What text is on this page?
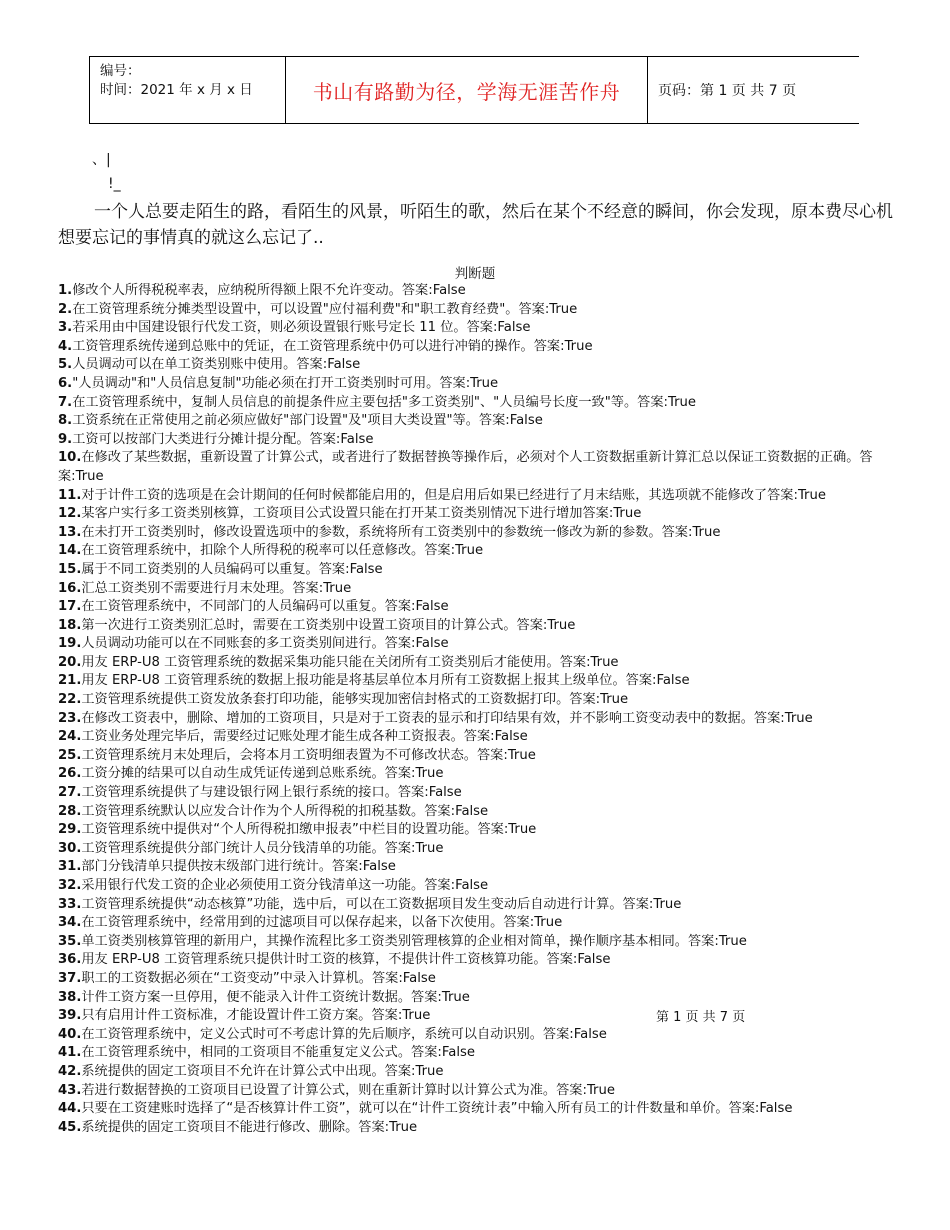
编号：
时间：2021 年 x 月 x 日	书山有路勤为径，学海无涯苦作舟	页码：第 1 页 共 7 页
、|
!_
一个人总要走陌生的路，看陌生的风景，听陌生的歌，然后在某个不经意的瞬间，你会发现，原本费尽心机想要忘记的事情真的就这么忘记了..
判断题
1.修改个人所得税税率表，应纳税所得额上限不允许变动。答案:False
2.在工资管理系统分摊类型设置中，可以设置"应付福利费"和"职工教育经费"。答案:True
3.若采用由中国建设银行代发工资，则必须设置银行账号定长 11 位。答案:False
4.工资管理系统传递到总账中的凭证，在工资管理系统中仍可以进行冲销的操作。答案:True
5.人员调动可以在单工资类别账中使用。答案:False
6."人员调动"和"人员信息复制"功能必须在打开工资类别时可用。答案:True
7.在工资管理系统中，复制人员信息的前提条件应主要包括"多工资类别"、"人员编号长度一致"等。答案:True
8.工资系统在正常使用之前必须应做好"部门设置"及"项目大类设置"等。答案:False
9.工资可以按部门大类进行分摊计提分配。答案:False
10.在修改了某些数据，重新设置了计算公式，或者进行了数据替换等操作后，必须对个人工资数据重新计算汇总以保证工资数据的正确。答案:True
11.对于计件工资的选项是在会计期间的任何时候都能启用的，但是启用后如果已经进行了月末结账，其选项就不能修改了答案:True
12.某客户实行多工资类别核算，工资项目公式设置只能在打开某工资类别情况下进行增加答案:True
13.在未打开工资类别时，修改设置选项中的参数，系统将所有工资类别中的参数统一修改为新的参数。答案:True
14.在工资管理系统中，扣除个人所得税的税率可以任意修改。答案:True
15.属于不同工资类别的人员编码可以重复。答案:False
16.汇总工资类别不需要进行月末处理。答案:True
17.在工资管理系统中，不同部门的人员编码可以重复。答案:False
18.第一次进行工资类别汇总时，需要在工资类别中设置工资项目的计算公式。答案:True
19.人员调动功能可以在不同账套的多工资类别间进行。答案:False
20.用友 ERP-U8 工资管理系统的数据采集功能只能在关闭所有工资类别后才能使用。答案:True
21.用友 ERP-U8 工资管理系统的数据上报功能是将基层单位本月所有工资数据上报其上级单位。答案:False
22.工资管理系统提供工资发放条套打印功能，能够实现加密信封格式的工资数据打印。答案:True
23.在修改工资表中，删除、增加的工资项目，只是对于工资表的显示和打印结果有效，并不影响工资变动表中的数据。答案:True
24.工资业务处理完毕后，需要经过记账处理才能生成各种工资报表。答案:False
25.工资管理系统月末处理后，会将本月工资明细表置为不可修改状态。答案:True
26.工资分摊的结果可以自动生成凭证传递到总账系统。答案:True
27.工资管理系统提供了与建设银行网上银行系统的接口。答案:False
28.工资管理系统默认以应发合计作为个人所得税的扣税基数。答案:False
29.工资管理系统中提供对“个人所得税扣缴申报表”中栏目的设置功能。答案:True
30.工资管理系统提供分部门统计人员分钱清单的功能。答案:True
31.部门分钱清单只提供按末级部门进行统计。答案:False
32.采用银行代发工资的企业必须使用工资分钱清单这一功能。答案:False
33.工资管理系统提供“动态核算”功能，选中后，可以在工资数据项目发生变动后自动进行计算。答案:True
34.在工资管理系统中，经常用到的过滤项目可以保存起来，以备下次使用。答案:True
35.单工资类别核算管理的新用户，其操作流程比多工资类别管理核算的企业相对简单，操作顺序基本相同。答案:True
36.用友 ERP-U8 工资管理系统只提供计时工资的核算，不提供计件工资核算功能。答案:False
37.职工的工资数据必须在“工资变动”中录入计算机。答案:False
38.计件工资方案一旦停用，便不能录入计件工资统计数据。答案:True
39.只有启用计件工资标准，才能设置计件工资方案。答案:True
40.在工资管理系统中，定义公式时可不考虑计算的先后顺序，系统可以自动识别。答案:False
41.在工资管理系统中，相同的工资项目不能重复定义公式。答案:False
42.系统提供的固定工资项目不允许在计算公式中出现。答案:True
43.若进行数据替换的工资项目已设置了计算公式，则在重新计算时以计算公式为准。答案:True
44.只要在工资建账时选择了“是否核算计件工资”，就可以在“计件工资统计表”中输入所有员工的计件数量和单价。答案:False
45.系统提供的固定工资项目不能进行修改、删除。答案:True
第 1 页 共 7 页
